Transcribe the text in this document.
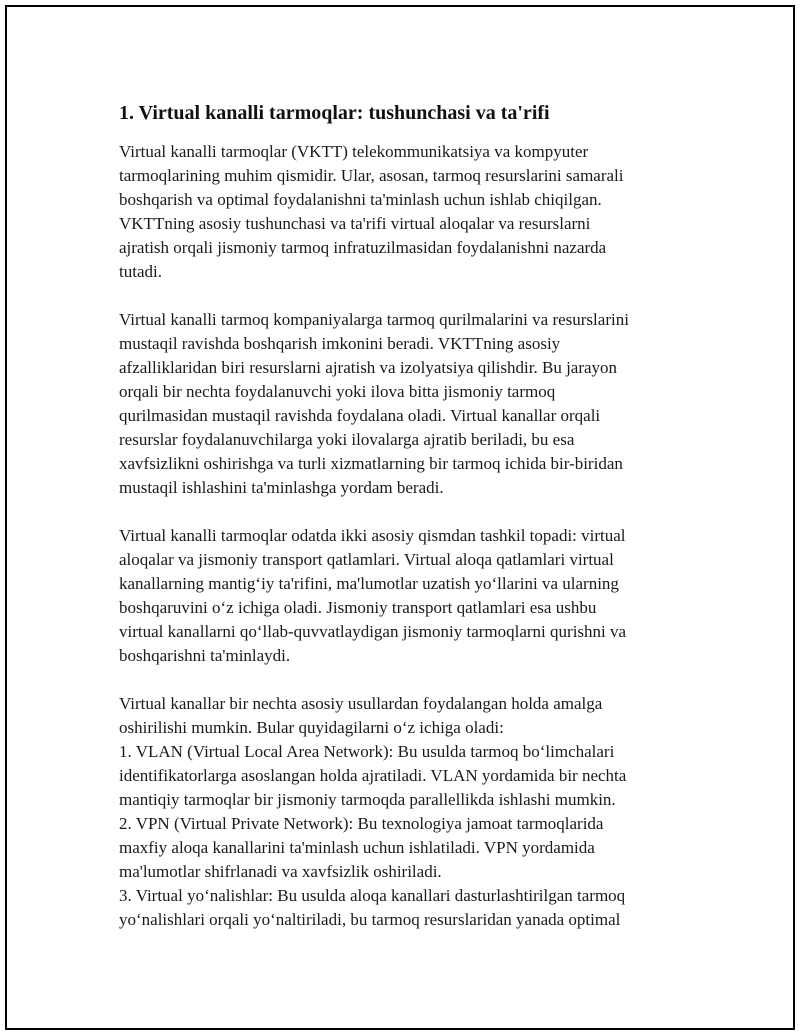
1. Virtual kanalli tarmoqlar: tushunchasi va ta'rifi
Virtual kanalli tarmoqlar (VKTT) telekommunikatsiya va kompyuter
tarmoqlarining muhim qismidir. Ular, asosan, tarmoq resurslarini samarali
boshqarish va optimal foydalanishni ta'minlash uchun ishlab chiqilgan.
VKTTning asosiy tushunchasi va ta'rifi virtual aloqalar va resurslarni
ajratish orqali jismoniy tarmoq infratuzilmasidan foydalanishni nazarda
tutadi.
Virtual kanalli tarmoq kompaniyalarga tarmoq qurilmalarini va resurslarini
mustaqil ravishda boshqarish imkonini beradi. VKTTning asosiy
afzalliklaridan biri resurslarni ajratish va izolyatsiya qilishdir. Bu jarayon
orqali bir nechta foydalanuvchi yoki ilova bitta jismoniy tarmoq
qurilmasidan mustaqil ravishda foydalana oladi. Virtual kanallar orqali
resurslar foydalanuvchilarga yoki ilovalarga ajratib beriladi, bu esa
xavfsizlikni oshirishga va turli xizmatlarning bir tarmoq ichida bir-biridan
mustaqil ishlashini ta'minlashga yordam beradi.
Virtual kanalli tarmoqlar odatda ikki asosiy qismdan tashkil topadi: virtual
aloqalar va jismoniy transport qatlamlari. Virtual aloqa qatlamlari virtual
kanallarning mantig‘iy ta'rifini, ma'lumotlar uzatish yo‘llarini va ularning
boshqaruvini o‘z ichiga oladi. Jismoniy transport qatlamlari esa ushbu
virtual kanallarni qo‘llab-quvvatlaydigan jismoniy tarmoqlarni qurishni va
boshqarishni ta'minlaydi.
Virtual kanallar bir nechta asosiy usullardan foydalangan holda amalga
oshirilishi mumkin. Bular quyidagilarni o‘z ichiga oladi:
1. VLAN (Virtual Local Area Network): Bu usulda tarmoq bo‘limchalari
identifikatorlarga asoslangan holda ajratiladi. VLAN yordamida bir nechta
mantiqiy tarmoqlar bir jismoniy tarmoqda parallellikda ishlashi mumkin.
2. VPN (Virtual Private Network): Bu texnologiya jamoat tarmoqlarida
maxfiy aloqa kanallarini ta'minlash uchun ishlatiladi. VPN yordamida
ma'lumotlar shifrlanadi va xavfsizlik oshiriladi.
3. Virtual yo‘nalishlar: Bu usulda aloqa kanallari dasturlashtirilgan tarmoq
yo‘nalishlari orqali yo‘naltiriladi, bu tarmoq resurslaridan yanada optimal
